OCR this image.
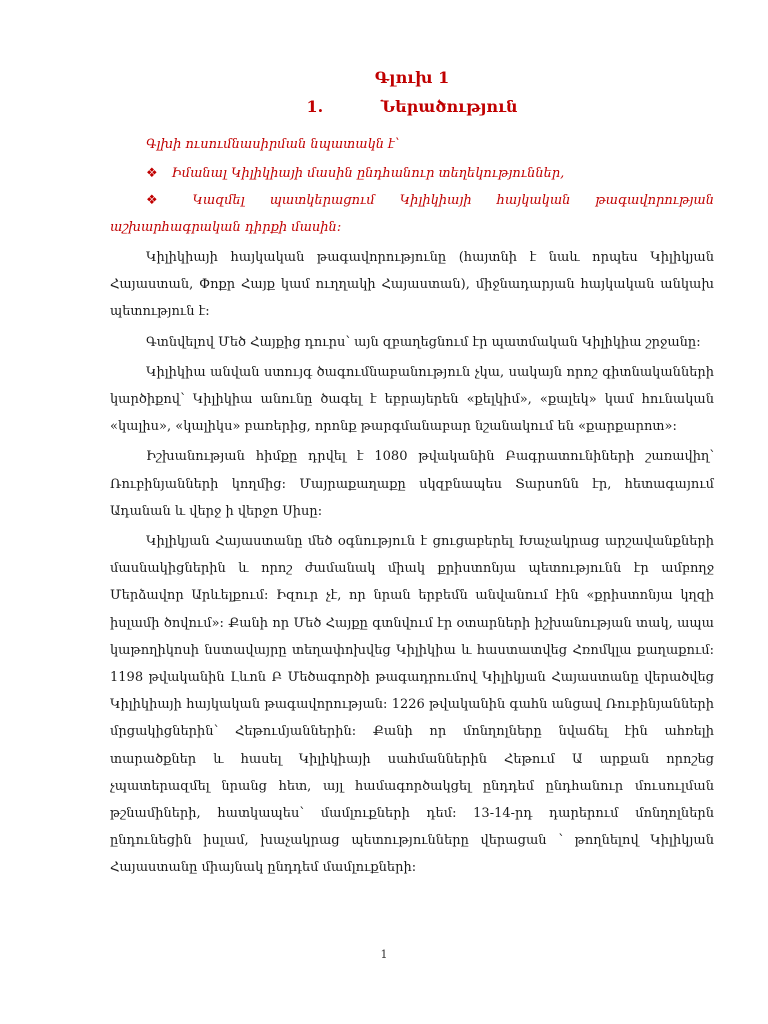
Գլուխ 1
1.	Ներածություն

Գլխի ուսումնասիրման նպատակն է՝

❖ Իմանալ Կիլիկիայի մասին ընդհանուր տեղեկություններ,

❖ Կազմել պատկերացում Կիլիկիայի հայկական թագավորության աշխարհագրական դիրքի մասին:

Կիլիկիայի հայկական թագավորությունը (հայտնի է նաև որպես Կիլիկյան Հայաստան, Փոքր Հայք կամ ուղղակի Հայաստան), միջնադարյան հայկական անկախ պետություն է:

Գտնվելով Մեծ Հայքից դուրս՝ այն զբաղեցնում էր պատմական Կիլիկիա շրջանը:

Կիլիկիա անվան ստույգ ծագումնաբանություն չկա, սակայն որոշ գիտնականների կարծիքով՝ Կիլիկիա անունը ծագել է եբրայերեն «քելկիմ», «քալեկ» կամ հունական «կալիս», «կալիկս» բառերից, որոնք թարգմանաբար նշանակում են «քարքարոտ»:

Իշխանության հիմքը դրվել է 1080 թվականին Բագրատունիների շառավիղ՝ Ռուբինյանների կողմից: Մայրաքաղաքը սկզբնապես Տարսոնն էր, հետագայում Ադանան և վերջ ի վերջո Սիսը:

Կիլիկյան Հայաստանը մեծ օգնություն է ցուցաբերել Խաչակրաց արշավանքների մասնակիցներին և որոշ ժամանակ միակ քրիստոնյա պետությունն էր ամբողջ Մերձավոր Արևելքում: Իզուր չէ, որ նրան երբեմն անվանում էին «քրիստոնյա կղզի իսլամի ծովում»: Քանի որ Մեծ Հայքը գտնվում էր օտարների իշխանության տակ, ապա կաթողիկոսի նստավայրը տեղափոխվեց Կիլիկիա և հաստատվեց Հռոմկլա քաղաքում: 1198 թվականին Լևոն Բ Մեծագործի թագադրումով Կիլիկյան Հայաստանը վերածվեց Կիլիկիայի հայկական թագավորության: 1226 թվականին գահն անցավ Ռուբինյանների մրցակիցներին՝ Հեթումյաններին: Քանի որ մոնղոլները նվաճել էին ահռելի տարածքներ և հասել Կիլիկիայի սահմաններին Հեթում Ա արքան որոշեց չպատերազմել նրանց հետ, այլ համագործակցել ընդդեմ ընդհանուր մուսուլման թշնամիների, հատկապես՝ մամլուքների դեմ: 13-14-րդ դարերում մոնղոլներն ընդունեցին իսլամ, խաչակրաց պետությունները վերացան ՝ թողնելով Կիլիկյան Հայաստանը միայնակ ընդդեմ մամլուքների:

1
